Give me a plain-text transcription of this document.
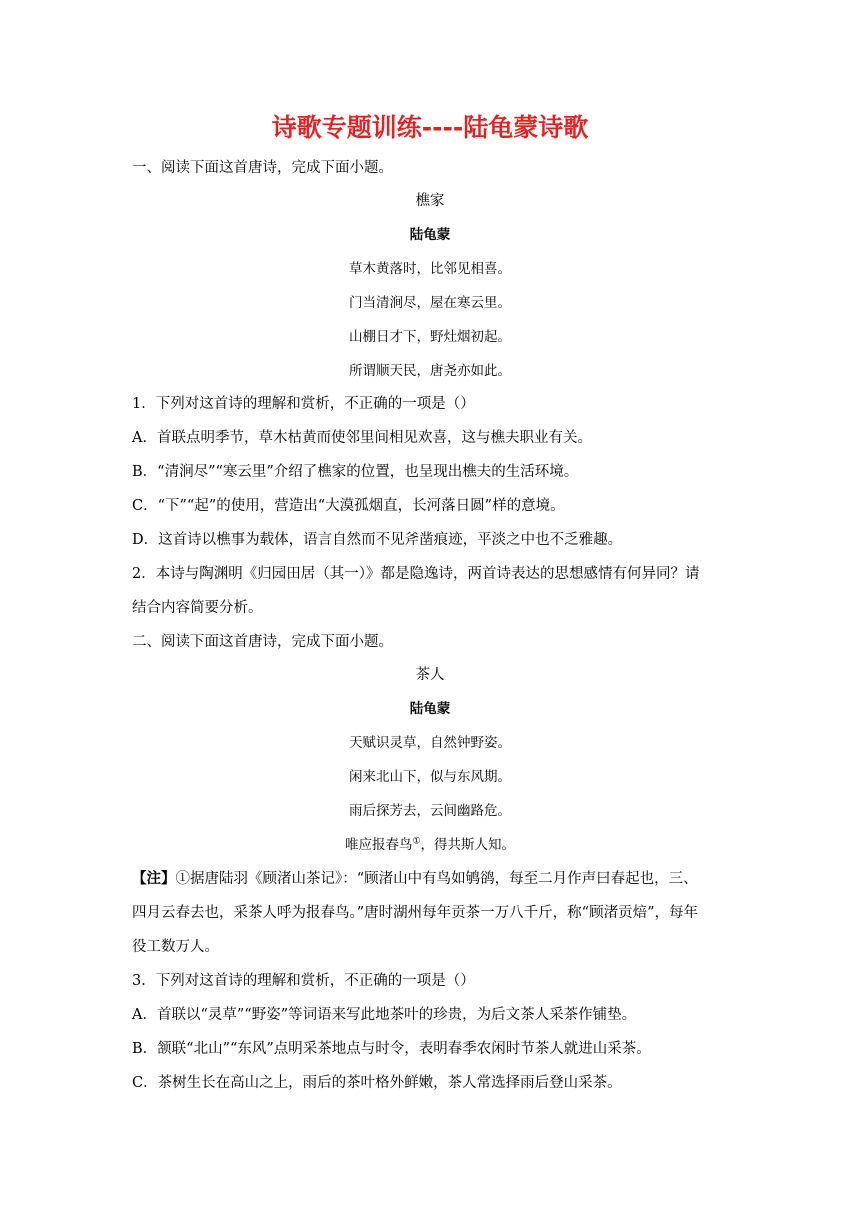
诗歌专题训练----陆龟蒙诗歌
一、阅读下面这首唐诗，完成下面小题。
樵家
陆龟蒙
草木黄落时，比邻见相喜。
门当清涧尽，屋在寒云里。
山棚日才下，野灶烟初起。
所谓顺天民，唐尧亦如此。
1．下列对这首诗的理解和赏析，不正确的一项是（）
A．首联点明季节，草木枯黄而使邻里间相见欢喜，这与樵夫职业有关。
B．“清涧尽”“寒云里”介绍了樵家的位置，也呈现出樵夫的生活环境。
C．“下”“起”的使用，营造出“大漠孤烟直，长河落日圆”样的意境。
D．这首诗以樵事为载体，语言自然而不见斧凿痕迹，平淡之中也不乏雅趣。
2．本诗与陶渊明《归园田居（其一）》都是隐逸诗，两首诗表达的思想感情有何异同？请
结合内容简要分析。
二、阅读下面这首唐诗，完成下面小题。
茶人
陆龟蒙
天赋识灵草，自然钟野姿。
闲来北山下，似与东风期。
雨后探芳去，云间幽路危。
唯应报春鸟①，得共斯人知。
【注】①据唐陆羽《顾渚山茶记》：“顾渚山中有鸟如鸲鹆，每至二月作声曰春起也，三、
四月云春去也，采茶人呼为报春鸟。”唐时湖州每年贡茶一万八千斤，称“顾渚贡焙”，每年
役工数万人。
3．下列对这首诗的理解和赏析，不正确的一项是（）
A．首联以“灵草”“野姿”等词语来写此地茶叶的珍贵，为后文茶人采茶作铺垫。
B．颔联“北山”“东风”点明采茶地点与时令，表明春季农闲时节茶人就进山采茶。
C．茶树生长在高山之上，雨后的茶叶格外鲜嫩，茶人常选择雨后登山采茶。
